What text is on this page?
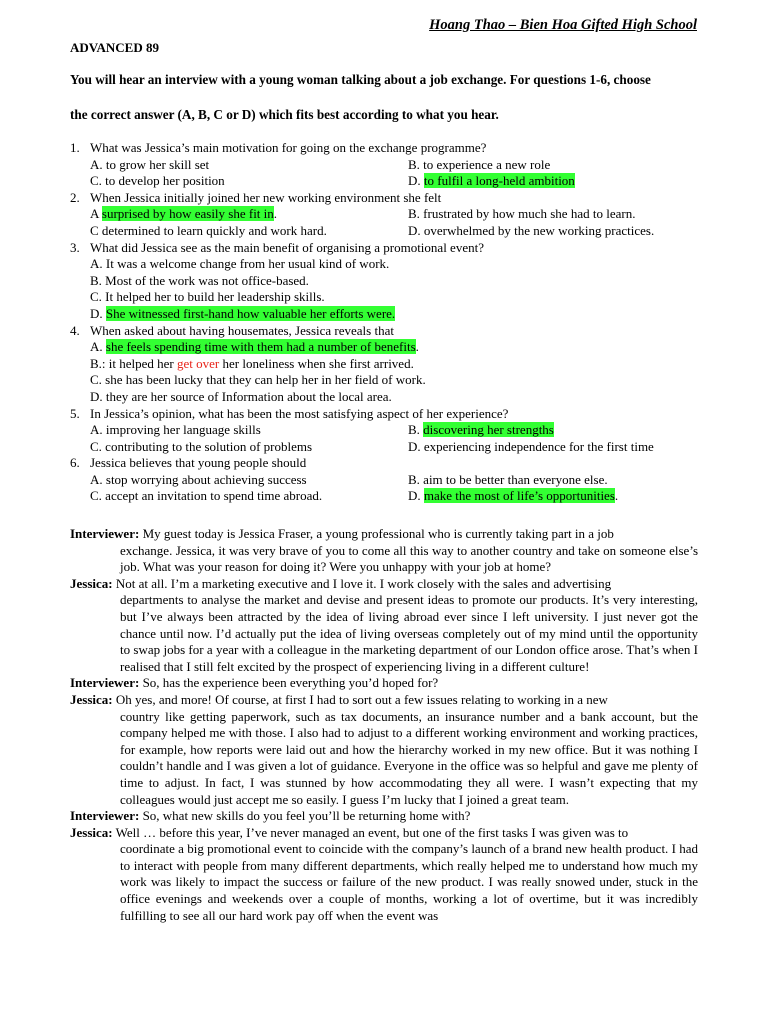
Hoang Thao – Bien Hoa Gifted High School
ADVANCED 89
You will hear an interview with a young woman talking about a job exchange. For questions 1-6, choose
the correct answer (A, B, C or D) which fits best according to what you hear.
1. What was Jessica’s main motivation for going on the exchange programme?
A. to grow her skill set	B. to experience a new role
C. to develop her position	D. to fulfil a long-held ambition
2. When Jessica initially joined her new working environment she felt
A surprised by how easily she fit in.	B. frustrated by how much she had to learn.
C determined to learn quickly and work hard.	D. overwhelmed by the new working practices.
3. What did Jessica see as the main benefit of organising a promotional event?
A. It was a welcome change from her usual kind of work.
B. Most of the work was not office-based.
C. It helped her to build her leadership skills.
D. She witnessed first-hand how valuable her efforts were.
4. When asked about having housemates, Jessica reveals that
A. she feels spending time with them had a number of benefits.
B.: it helped her get over her loneliness when she first arrived.
C. she has been lucky that they can help her in her field of work.
D. they are her source of Information about the local area.
5. In Jessica’s opinion, what has been the most satisfying aspect of her experience?
A. improving her language skills	B. discovering her strengths
C. contributing to the solution of problems	D. experiencing independence for the first time
6. Jessica believes that young people should
A. stop worrying about achieving success	B. aim to be better than everyone else.
C. accept an invitation to spend time abroad.	D. make the most of life’s opportunities.
Interviewer: My guest today is Jessica Fraser, a young professional who is currently taking part in a job
exchange. Jessica, it was very brave of you to come all this way to another country and take on someone else’s job. What was your reason for doing it? Were you unhappy with your job at home?
Jessica: Not at all. I’m a marketing executive and I love it. I work closely with the sales and advertising
departments to analyse the market and devise and present ideas to promote our products. It’s very interesting, but I’ve always been attracted by the idea of living abroad ever since I left university. I just never got the chance until now. I’d actually put the idea of living overseas completely out of my mind until the opportunity to swap jobs for a year with a colleague in the marketing department of our London office arose. That’s when I realised that I still felt excited by the prospect of experiencing living in a different culture!
Interviewer: So, has the experience been everything you’d hoped for?
Jessica: Oh yes, and more! Of course, at first I had to sort out a few issues relating to working in a new
country like getting paperwork, such as tax documents, an insurance number and a bank account, but the company helped me with those. I also had to adjust to a different working environment and working practices, for example, how reports were laid out and how the hierarchy worked in my new office. But it was nothing I couldn’t handle and I was given a lot of guidance. Everyone in the office was so helpful and gave me plenty of time to adjust. In fact, I was stunned by how accommodating they all were. I wasn’t expecting that my colleagues would just accept me so easily. I guess I’m lucky that I joined a great team.
Interviewer: So, what new skills do you feel you’ll be returning home with?
Jessica: Well … before this year, I’ve never managed an event, but one of the first tasks I was given was to
coordinate a big promotional event to coincide with the company’s launch of a brand new health product. I had to interact with people from many different departments, which really helped me to understand how much my work was likely to impact the success or failure of the new product. I was really snowed under, stuck in the office evenings and weekends over a couple of months, working a lot of overtime, but it was incredibly fulfilling to see all our hard work pay off when the event was
